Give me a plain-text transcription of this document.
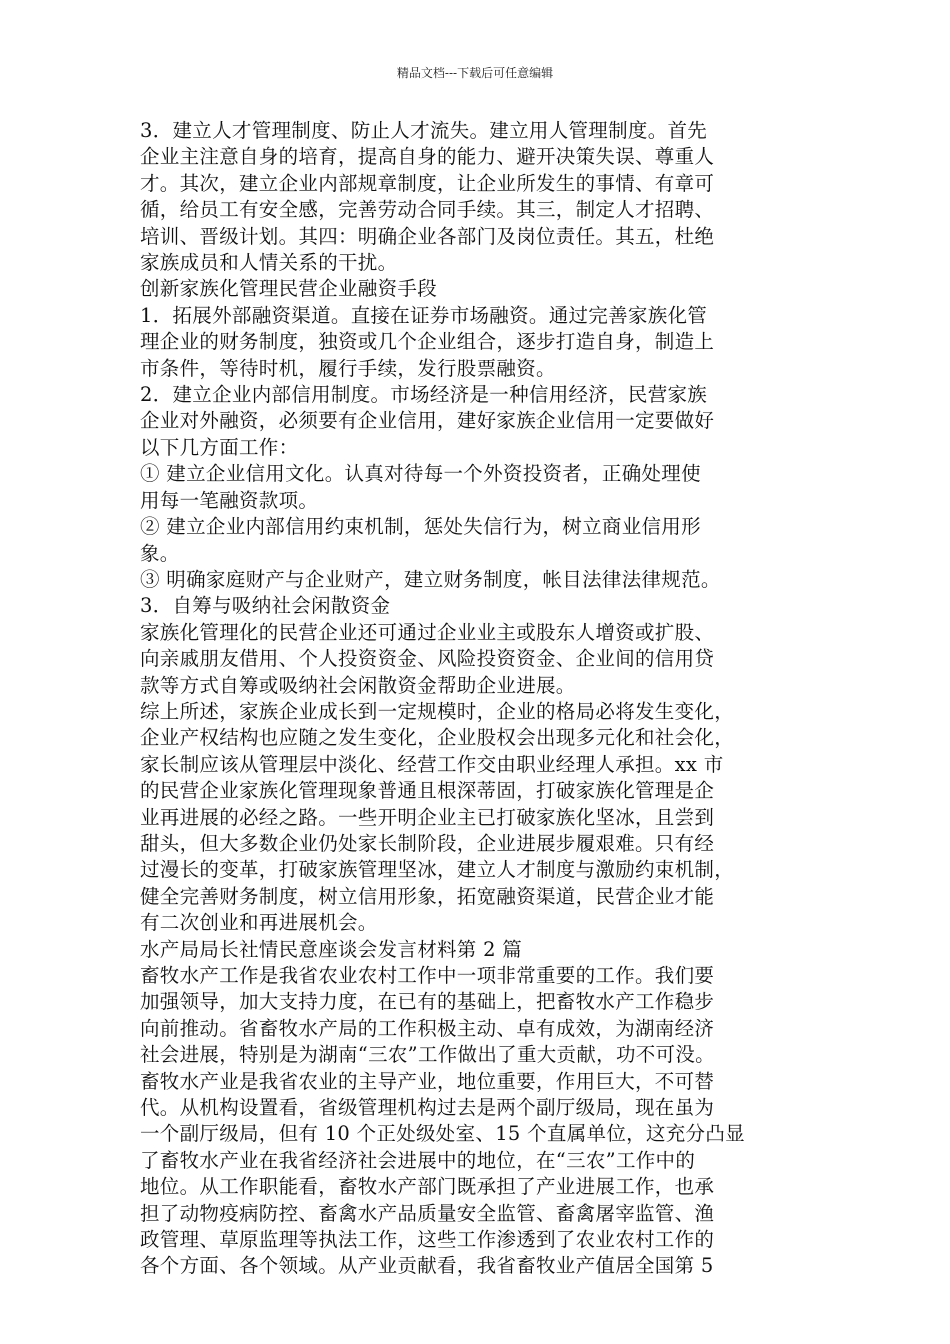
精品文档---下载后可任意编辑
3．建立人才管理制度、防止人才流失。建立用人管理制度。首先
企业主注意自身的培育，提高自身的能力、避开决策失误、尊重人
才。其次，建立企业内部规章制度，让企业所发生的事情、有章可
循，给员工有安全感，完善劳动合同手续。其三，制定人才招聘、
培训、晋级计划。其四：明确企业各部门及岗位责任。其五，杜绝
家族成员和人情关系的干扰。
创新家族化管理民营企业融资手段
1．拓展外部融资渠道。直接在证券市场融资。通过完善家族化管
理企业的财务制度，独资或几个企业组合，逐步打造自身，制造上
市条件，等待时机，履行手续，发行股票融资。
2．建立企业内部信用制度。市场经济是一种信用经济，民营家族
企业对外融资，必须要有企业信用，建好家族企业信用一定要做好
以下几方面工作：
① 建立企业信用文化。认真对待每一个外资投资者，正确处理使
用每一笔融资款项。
② 建立企业内部信用约束机制，惩处失信行为，树立商业信用形
象。
③ 明确家庭财产与企业财产，建立财务制度，帐目法律法律规范。
3．自筹与吸纳社会闲散资金
家族化管理化的民营企业还可通过企业业主或股东人增资或扩股、
向亲戚朋友借用、个人投资资金、风险投资资金、企业间的信用贷
款等方式自筹或吸纳社会闲散资金帮助企业进展。
综上所述，家族企业成长到一定规模时，企业的格局必将发生变化，
企业产权结构也应随之发生变化，企业股权会出现多元化和社会化，
家长制应该从管理层中淡化、经营工作交由职业经理人承担。xx 市
的民营企业家族化管理现象普通且根深蒂固，打破家族化管理是企
业再进展的必经之路。一些开明企业主已打破家族化坚冰，且尝到
甜头，但大多数企业仍处家长制阶段，企业进展步履艰难。只有经
过漫长的变革，打破家族管理坚冰，建立人才制度与激励约束机制，
健全完善财务制度，树立信用形象，拓宽融资渠道，民营企业才能
有二次创业和再进展机会。
水产局局长社情民意座谈会发言材料第 2 篇
畜牧水产工作是我省农业农村工作中一项非常重要的工作。我们要
加强领导，加大支持力度，在已有的基础上，把畜牧水产工作稳步
向前推动。省畜牧水产局的工作积极主动、卓有成效，为湖南经济
社会进展，特别是为湖南“三农”工作做出了重大贡献，功不可没。
畜牧水产业是我省农业的主导产业，地位重要，作用巨大，不可替
代。从机构设置看，省级管理机构过去是两个副厅级局，现在虽为
一个副厅级局，但有 10 个正处级处室、15 个直属单位，这充分凸显
了畜牧水产业在我省经济社会进展中的地位，在“三农”工作中的
地位。从工作职能看，畜牧水产部门既承担了产业进展工作，也承
担了动物疫病防控、畜禽水产品质量安全监管、畜禽屠宰监管、渔
政管理、草原监理等执法工作，这些工作渗透到了农业农村工作的
各个方面、各个领域。从产业贡献看，我省畜牧业产值居全国第 5
